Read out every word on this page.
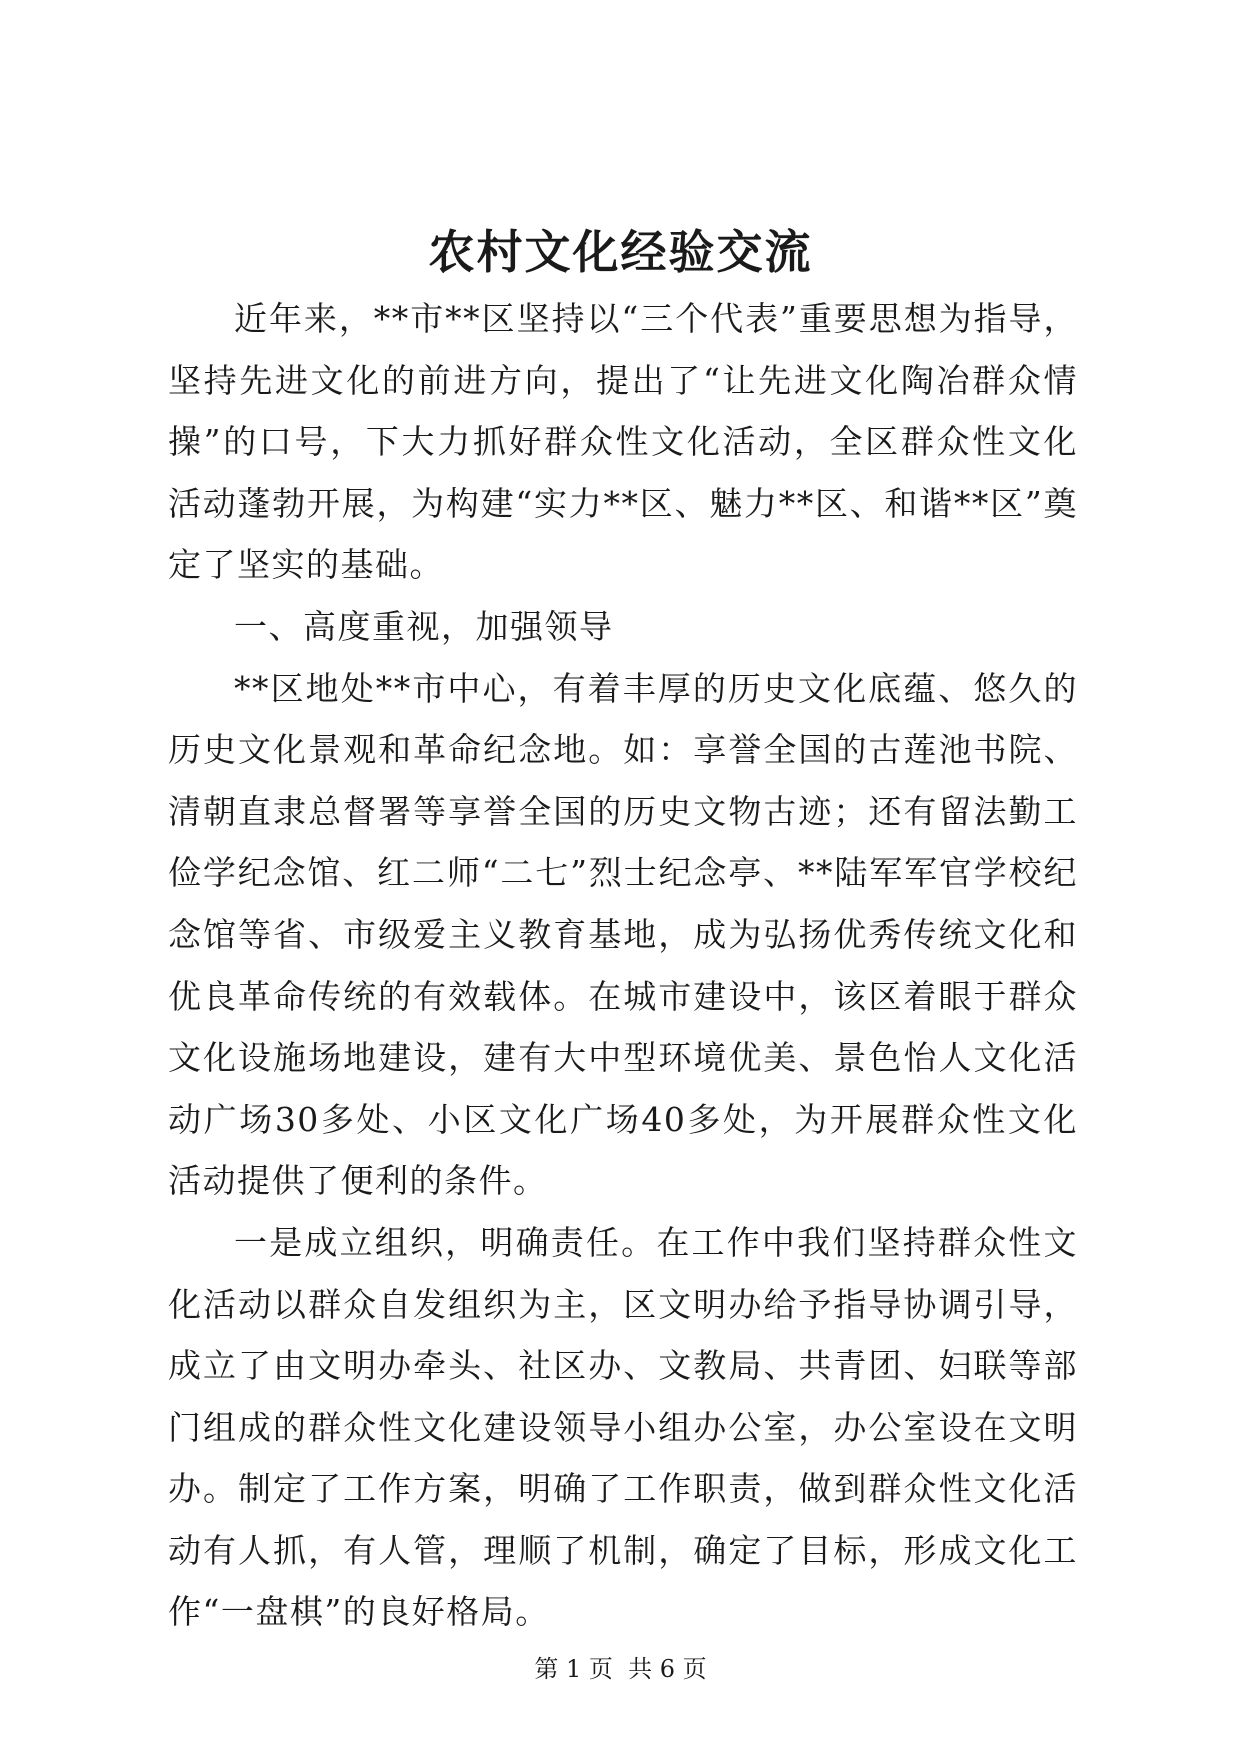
农村文化经验交流

近年来，**市**区坚持以“三个代表”重要思想为指导，坚持先进文化的前进方向，提出了“让先进文化陶冶群众情操”的口号，下大力抓好群众性文化活动，全区群众性文化活动蓬勃开展，为构建“实力**区、魅力**区、和谐**区”奠定了坚实的基础。

一、高度重视，加强领导

**区地处**市中心，有着丰厚的历史文化底蕴、悠久的历史文化景观和革命纪念地。如：享誉全国的古莲池书院、清朝直隶总督署等享誉全国的历史文物古迹；还有留法勤工俭学纪念馆、红二师“二七”烈士纪念亭、**陆军军官学校纪念馆等省、市级爱主义教育基地，成为弘扬优秀传统文化和优良革命传统的有效载体。在城市建设中，该区着眼于群众文化设施场地建设，建有大中型环境优美、景色怡人文化活动广场30多处、小区文化广场40多处，为开展群众性文化活动提供了便利的条件。

一是成立组织，明确责任。在工作中我们坚持群众性文化活动以群众自发组织为主，区文明办给予指导协调引导，成立了由文明办牵头、社区办、文教局、共青团、妇联等部门组成的群众性文化建设领导小组办公室，办公室设在文明办。制定了工作方案，明确了工作职责，做到群众性文化活动有人抓，有人管，理顺了机制，确定了目标，形成文化工作“一盘棋”的良好格局。

第 1 页  共 6 页
